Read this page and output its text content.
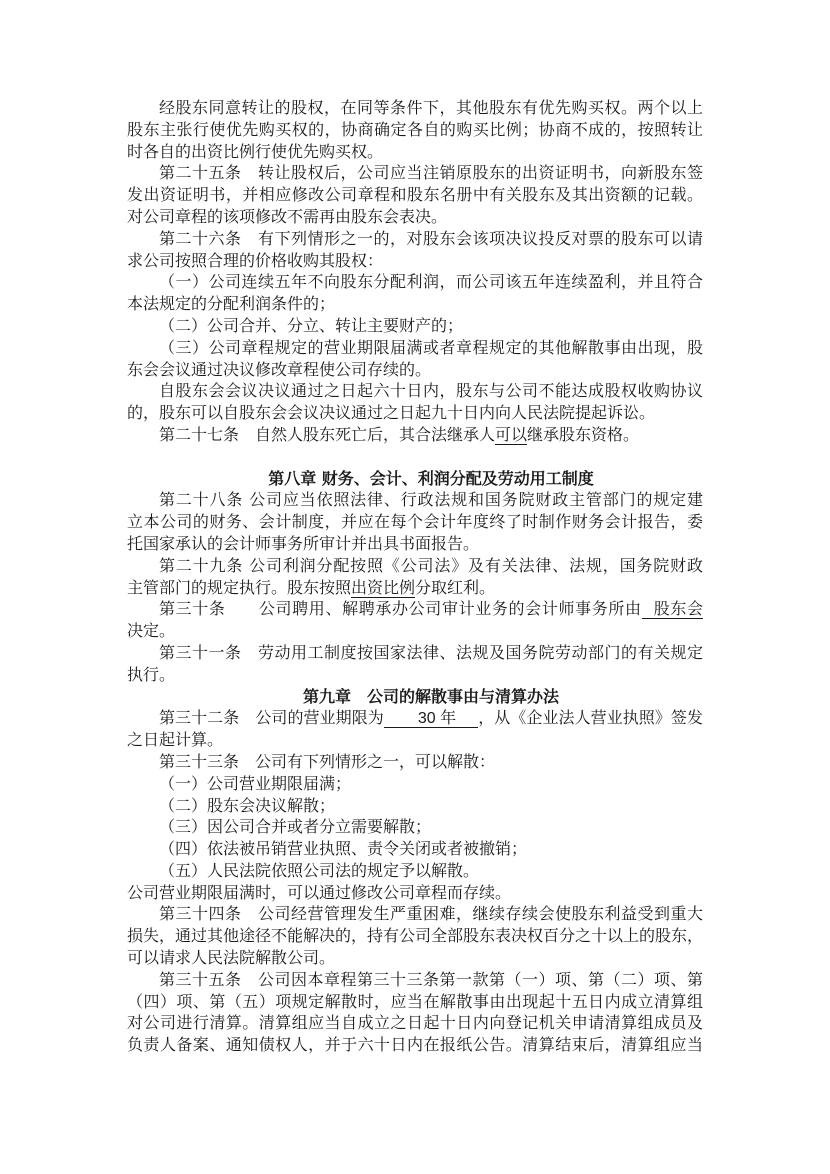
经股东同意转让的股权，在同等条件下，其他股东有优先购买权。两个以上
股东主张行使优先购买权的，协商确定各自的购买比例；协商不成的，按照转让
时各自的出资比例行使优先购买权。
第二十五条　转让股权后，公司应当注销原股东的出资证明书，向新股东签
发出资证明书，并相应修改公司章程和股东名册中有关股东及其出资额的记载。
对公司章程的该项修改不需再由股东会表决。
第二十六条　有下列情形之一的，对股东会该项决议投反对票的股东可以请
求公司按照合理的价格收购其股权：
（一）公司连续五年不向股东分配利润，而公司该五年连续盈利，并且符合
本法规定的分配利润条件的；
（二）公司合并、分立、转让主要财产的；
（三）公司章程规定的营业期限届满或者章程规定的其他解散事由出现，股
东会会议通过决议修改章程使公司存续的。
自股东会会议决议通过之日起六十日内，股东与公司不能达成股权收购协议
的，股东可以自股东会会议决议通过之日起九十日内向人民法院提起诉讼。
第二十七条　自然人股东死亡后，其合法继承人可以继承股东资格。
第八章 财务、会计、利润分配及劳动用工制度
第二十八条 公司应当依照法律、行政法规和国务院财政主管部门的规定建
立本公司的财务、会计制度，并应在每个会计年度终了时制作财务会计报告，委
托国家承认的会计师事务所审计并出具书面报告。
第二十九条 公司利润分配按照《公司法》及有关法律、法规，国务院财政
主管部门的规定执行。股东按照出资比例分取红利。
第三十条　　公司聘用、解聘承办公司审计业务的会计师事务所由 股东会
决定。
第三十一条　劳动用工制度按国家法律、法规及国务院劳动部门的有关规定
执行。
第九章　公司的解散事由与清算办法
第三十二条　公司的营业期限为 30 年 ，从《企业法人营业执照》签发
之日起计算。
第三十三条　公司有下列情形之一，可以解散：
（一）公司营业期限届满；
（二）股东会决议解散；
（三）因公司合并或者分立需要解散；
（四）依法被吊销营业执照、责令关闭或者被撤销；
（五）人民法院依照公司法的规定予以解散。
公司营业期限届满时，可以通过修改公司章程而存续。
第三十四条　公司经营管理发生严重困难，继续存续会使股东利益受到重大
损失，通过其他途径不能解决的，持有公司全部股东表决权百分之十以上的股东，
可以请求人民法院解散公司。
第三十五条　公司因本章程第三十三条第一款第（一）项、第（二）项、第
（四）项、第（五）项规定解散时，应当在解散事由出现起十五日内成立清算组
对公司进行清算。清算组应当自成立之日起十日内向登记机关申请清算组成员及
负责人备案、通知债权人，并于六十日内在报纸公告。清算结束后，清算组应当
